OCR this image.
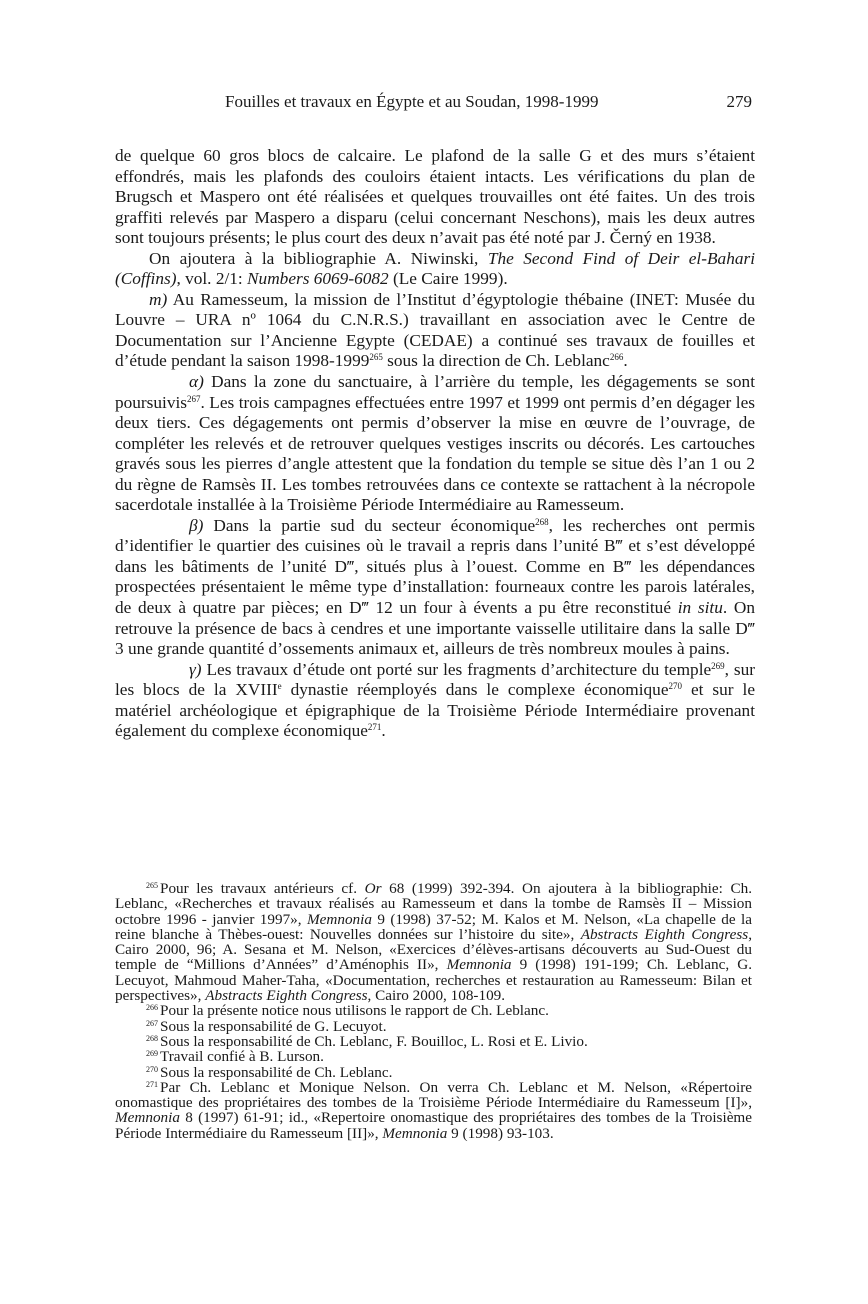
Fouilles et travaux en Égypte et au Soudan, 1998-1999	279

de quelque 60 gros blocs de calcaire. Le plafond de la salle G et des murs s’étaient effondrés, mais les plafonds des couloirs étaient intacts. Les vérifications du plan de Brugsch et Maspero ont été réalisées et quelques trouvailles ont été faites. Un des trois graffiti relevés par Maspero a disparu (celui concernant Neschons), mais les deux autres sont toujours présents; le plus court des deux n’avait pas été noté par J. Černý en 1938.

On ajoutera à la bibliographie A. Niwinski, The Second Find of Deir el-Bahari (Coffins), vol. 2/1: Numbers 6069-6082 (Le Caire 1999).

m) Au Ramesseum, la mission de l’Institut d’égyptologie thébaine (INET: Musée du Louvre – URA nº 1064 du C.N.R.S.) travaillant en association avec le Centre de Documentation sur l’Ancienne Egypte (CEDAE) a continué ses travaux de fouilles et d’étude pendant la saison 1998-1999$^{265}$ sous la direction de Ch. Leblanc$^{266}$.

α) Dans la zone du sanctuaire, à l’arrière du temple, les dégagements se sont poursuivis$^{267}$. Les trois campagnes effectuées entre 1997 et 1999 ont permis d’en dégager les deux tiers. Ces dégagements ont permis d’observer la mise en œuvre de l’ouvrage, de compléter les relevés et de retrouver quelques vestiges inscrits ou décorés. Les cartouches gravés sous les pierres d’angle attestent que la fondation du temple se situe dès l’an 1 ou 2 du règne de Ramsès II. Les tombes retrouvées dans ce contexte se rattachent à la nécropole sacerdotale installée à la Troisième Période Intermédiaire au Ramesseum.

β) Dans la partie sud du secteur économique$^{268}$, les recherches ont permis d’identifier le quartier des cuisines où le travail a repris dans l’unité B‴ et s’est développé dans les bâtiments de l’unité D‴, situés plus à l’ouest. Comme en B‴ les dépendances prospectées présentaient le même type d’installation: fourneaux contre les parois latérales, de deux à quatre par pièces; en D‴ 12 un four à évents a pu être reconstitué in situ. On retrouve la présence de bacs à cendres et une importante vaisselle utilitaire dans la salle D‴ 3 une grande quantité d’ossements animaux et, ailleurs de très nombreux moules à pains.

γ) Les travaux d’étude ont porté sur les fragments d’architecture du temple$^{269}$, sur les blocs de la XVIIIe dynastie réemployés dans le complexe économique$^{270}$ et sur le matériel archéologique et épigraphique de la Troisième Période Intermédiaire provenant également du complexe économique$^{271}$.

$^{265}$ Pour les travaux antérieurs cf. Or 68 (1999) 392-394. On ajoutera à la bibliographie: Ch. Leblanc, «Recherches et travaux réalisés au Ramesseum et dans la tombe de Ramsès II – Mission octobre 1996 - janvier 1997», Memnonia 9 (1998) 37-52; M. Kalos et M. Nelson, «La chapelle de la reine blanche à Thèbes-ouest: Nouvelles données sur l’histoire du site», Abstracts Eighth Congress, Cairo 2000, 96; A. Sesana et M. Nelson, «Exercices d’élèves-artisans découverts au Sud-Ouest du temple de “Millions d’Années” d’Aménophis II», Memnonia 9 (1998) 191-199; Ch. Leblanc, G. Lecuyot, Mahmoud Maher-Taha, «Documentation, recherches et restauration au Ramesseum: Bilan et perspectives», Abstracts Eighth Congress, Cairo 2000, 108-109.

$^{266}$ Pour la présente notice nous utilisons le rapport de Ch. Leblanc.

$^{267}$ Sous la responsabilité de G. Lecuyot.

$^{268}$ Sous la responsabilité de Ch. Leblanc, F. Bouilloc, L. Rosi et E. Livio.

$^{269}$ Travail confié à B. Lurson.

$^{270}$ Sous la responsabilité de Ch. Leblanc.

$^{271}$ Par Ch. Leblanc et Monique Nelson. On verra Ch. Leblanc et M. Nelson, «Répertoire onomastique des propriétaires des tombes de la Troisième Période Intermédiaire du Ramesseum [I]», Memnonia 8 (1997) 61-91; id., «Repertoire onomastique des propriétaires des tombes de la Troisième Période Intermédiaire du Ramesseum [II]», Memnonia 9 (1998) 93-103.
